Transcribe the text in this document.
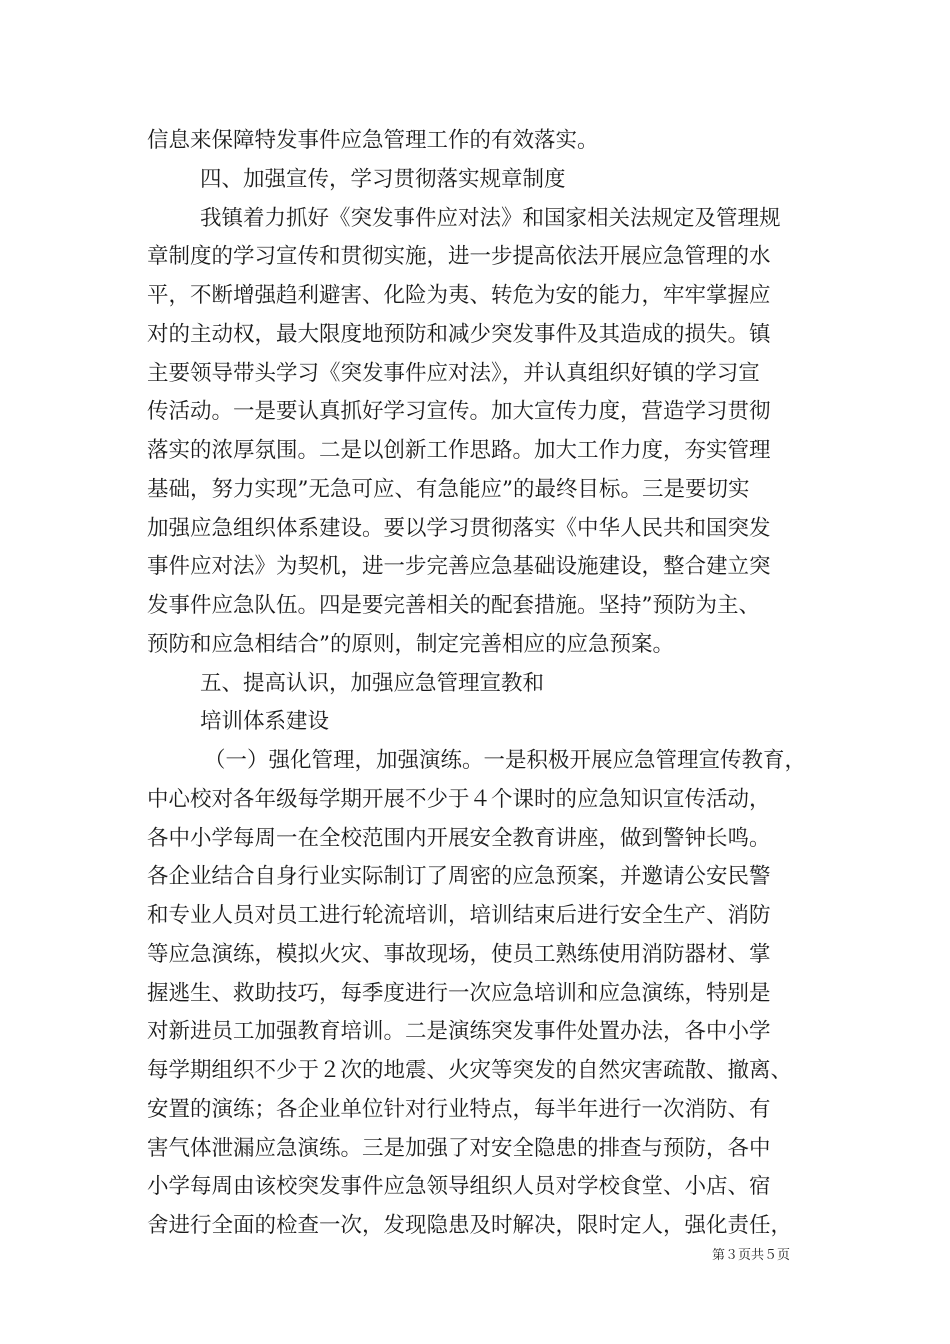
信息来保障特发事件应急管理工作的有效落实。
四、加强宣传，学习贯彻落实规章制度
我镇着力抓好《突发事件应对法》和国家相关法规定及管理规
章制度的学习宣传和贯彻实施，进一步提高依法开展应急管理的水
平，不断增强趋利避害、化险为夷、转危为安的能力，牢牢掌握应
对的主动权，最大限度地预防和减少突发事件及其造成的损失。镇
主要领导带头学习《突发事件应对法》，并认真组织好镇的学习宣
传活动。一是要认真抓好学习宣传。加大宣传力度，营造学习贯彻
落实的浓厚氛围。二是以创新工作思路。加大工作力度，夯实管理
基础，努力实现”无急可应、有急能应”的最终目标。三是要切实
加强应急组织体系建设。要以学习贯彻落实《中华人民共和国突发
事件应对法》为契机，进一步完善应急基础设施建设，整合建立突
发事件应急队伍。四是要完善相关的配套措施。坚持”预防为主、
预防和应急相结合”的原则，制定完善相应的应急预案。
五、提高认识，加强应急管理宣教和
培训体系建设
（一）强化管理，加强演练。一是积极开展应急管理宣传教育，
中心校对各年级每学期开展不少于４个课时的应急知识宣传活动，
各中小学每周一在全校范围内开展安全教育讲座，做到警钟长鸣。
各企业结合自身行业实际制订了周密的应急预案，并邀请公安民警
和专业人员对员工进行轮流培训，培训结束后进行安全生产、消防
等应急演练，模拟火灾、事故现场，使员工熟练使用消防器材、掌
握逃生、救助技巧，每季度进行一次应急培训和应急演练，特别是
对新进员工加强教育培训。二是演练突发事件处置办法，各中小学
每学期组织不少于２次的地震、火灾等突发的自然灾害疏散、撤离、
安置的演练；各企业单位针对行业特点，每半年进行一次消防、有
害气体泄漏应急演练。三是加强了对安全隐患的排查与预防，各中
小学每周由该校突发事件应急领导组织人员对学校食堂、小店、宿
舍进行全面的检查一次，发现隐患及时解决，限时定人，强化责任，
第３页共５页
